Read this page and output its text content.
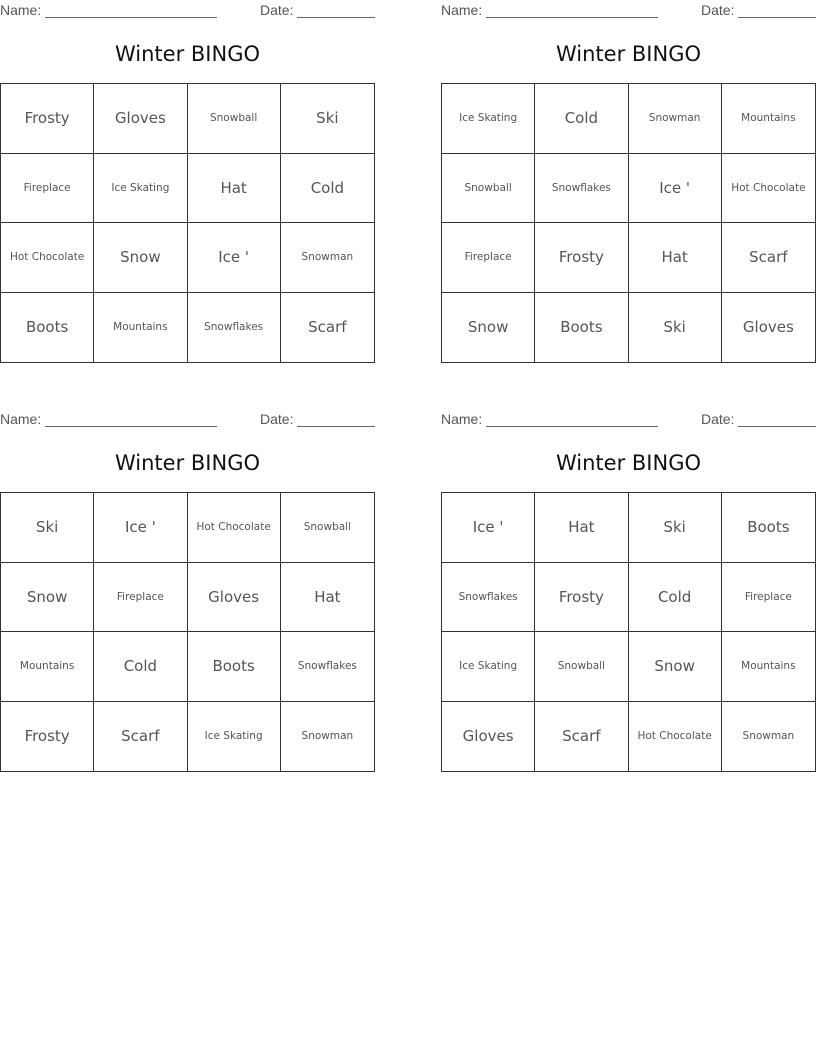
Name:	Date:
Winter BINGO
Frosty	Gloves	Snowball	Ski
Fireplace	Ice Skating	Hat	Cold
Hot Chocolate	Snow	Ice '	Snowman
Boots	Mountains	Snowflakes	Scarf
Name:	Date:
Winter BINGO
Ice Skating	Cold	Snowman	Mountains
Snowball	Snowflakes	Ice '	Hot Chocolate
Fireplace	Frosty	Hat	Scarf
Snow	Boots	Ski	Gloves
Name:	Date:
Winter BINGO
Ski	Ice '	Hot Chocolate	Snowball
Snow	Fireplace	Gloves	Hat
Mountains	Cold	Boots	Snowflakes
Frosty	Scarf	Ice Skating	Snowman
Name:	Date:
Winter BINGO
Ice '	Hat	Ski	Boots
Snowflakes	Frosty	Cold	Fireplace
Ice Skating	Snowball	Snow	Mountains
Gloves	Scarf	Hot Chocolate	Snowman
